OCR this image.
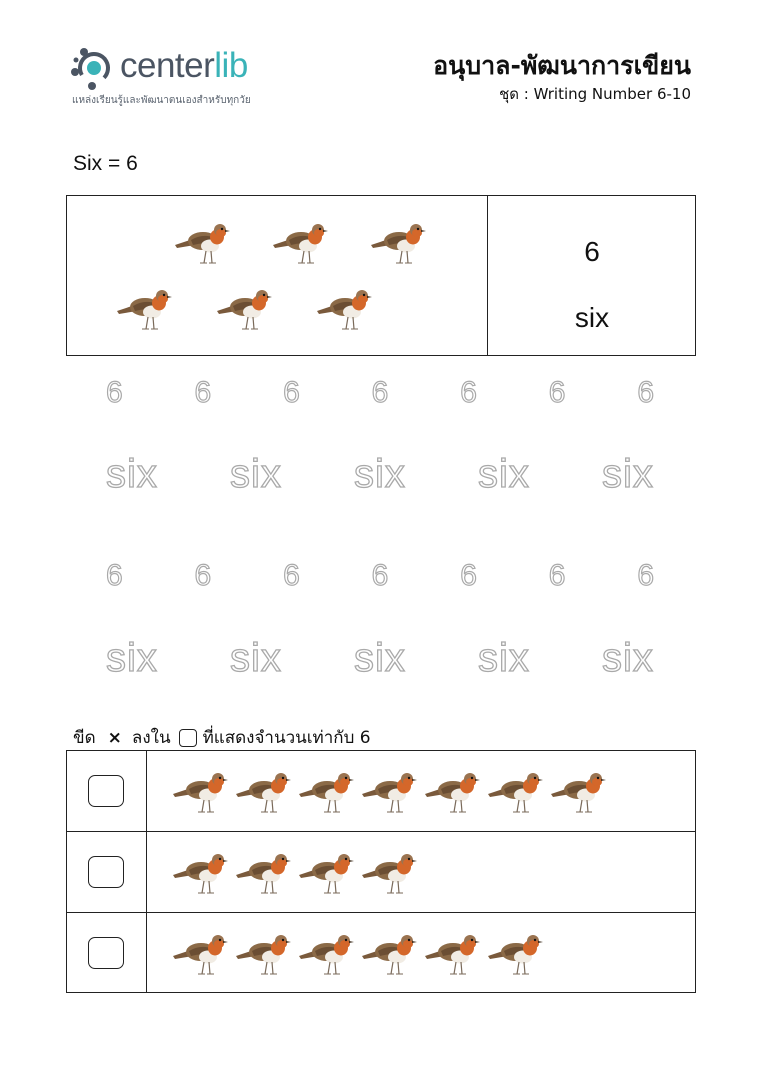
centerlib
แหล่งเรียนรู้และพัฒนาตนเองสำหรับทุกวัย
อนุบาล-พัฒนาการเขียน
ชุด : Writing Number 6-10
Six = 6
6
six
6	6	6	6	6	6	6
six	six	six	six	six
6	6	6	6	6	6	6
six	six	six	six	six
ขีด × ลงใน ที่แสดงจำนวนเท่ากับ 6
